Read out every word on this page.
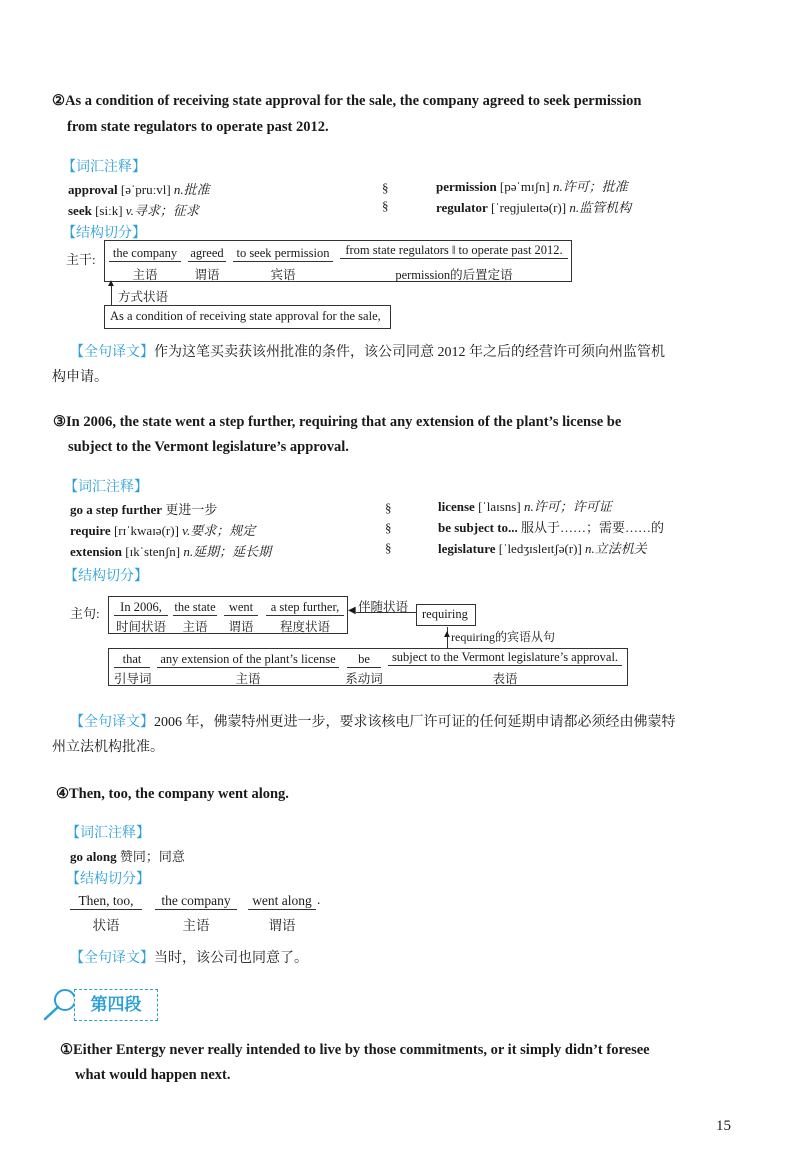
②As a condition of receiving state approval for the sale, the company agreed to seek permission
from state regulators to operate past 2012.
【词汇注释】
approval [əˈpruːvl] n.批准
seek [siːk] v.寻求；征求
§
§
permission [pəˈmɪʃn] n.许可；批准
regulator [ˈreɡjuleɪtə(r)] n.监管机构
【结构切分】
主干:	the company
主语
agreed
谓语
to seek permission
宾语
from state regulators ‖ to operate past 2012.
permission的后置定语
▲
方式状语
As a condition of receiving state approval for the sale,
【全句译文】作为这笔买卖获该州批准的条件，该公司同意 2012 年之后的经营许可须向州监管机
构申请。
③In 2006, the state went a step further, requiring that any extension of the plant’s license be
subject to the Vermont legislature’s approval.
【词汇注释】
go a step further 更进一步
require [rɪˈkwaɪə(r)] v.要求；规定
extension [ɪkˈstenʃn] n.延期；延长期
§
§
§
license [ˈlaɪsns] n.许可；许可证
be subject to... 服从于……；需要……的
legislature [ˈledʒɪsleɪtʃə(r)] n.立法机关
【结构切分】
主句:	In 2006,
时间状语
the state
主语
went
谓语
a step further,
程度状语
◀ 伴随状语 requiring
▲ requiring的宾语从句
that
引导词
any extension of the plant’s license
主语
be
系动词
subject to the Vermont legislature’s approval.
表语
【全句译文】2006 年，佛蒙特州更进一步，要求该核电厂许可证的任何延期申请都必须经由佛蒙特
州立法机构批准。
④Then, too, the company went along.
【词汇注释】
go along 赞同；同意
【结构切分】
Then, too,
状语
the company
主语
went along
谓语
.
【全句译文】当时，该公司也同意了。
第四段
①Either Entergy never really intended to live by those commitments, or it simply didn’t foresee
what would happen next.
15
